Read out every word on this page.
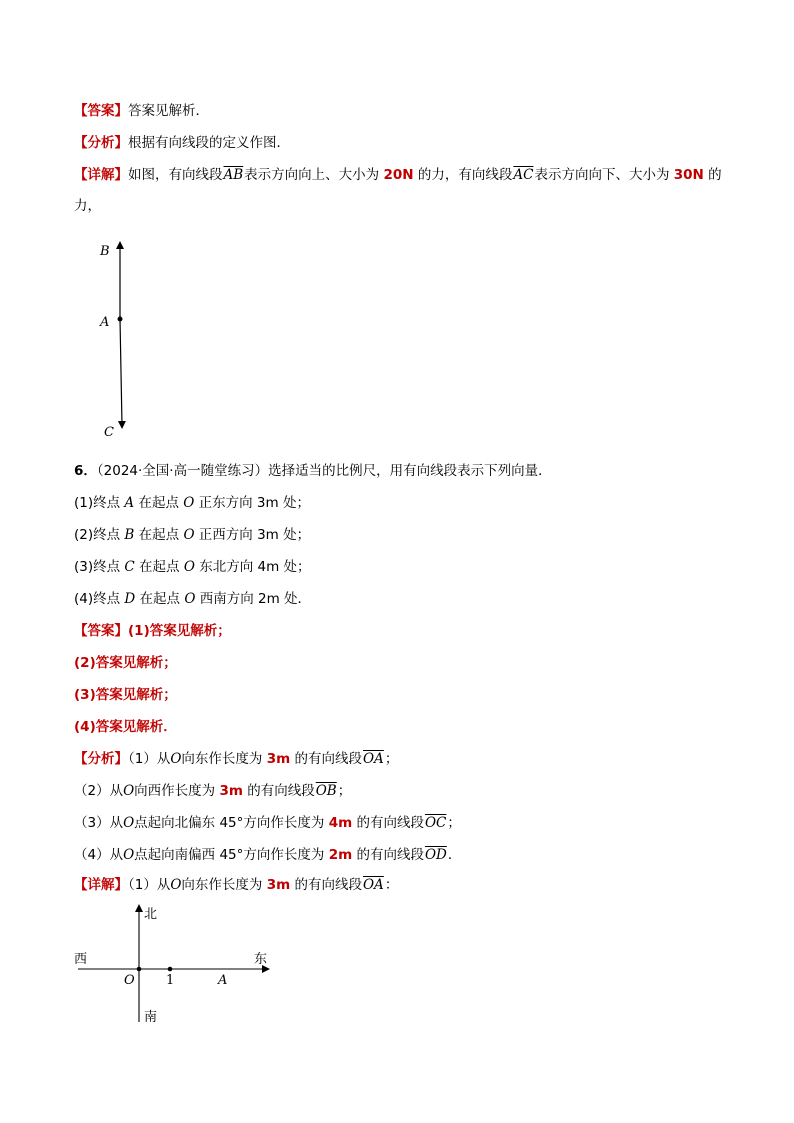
【答案】答案见解析．
【分析】根据有向线段的定义作图．
【详解】如图，有向线段$\overline{AB}$表示方向向上、大小为 20N 的力，有向线段$\overline{AC}$表示方向向下、大小为 30N 的
力，
B
A
C
6．（2024·全国·高一随堂练习）选择适当的比例尺，用有向线段表示下列向量．
(1)终点 A 在起点 O 正东方向 3m 处；
(2)终点 B 在起点 O 正西方向 3m 处；
(3)终点 C 在起点 O 东北方向 4m 处；
(4)终点 D 在起点 O 西南方向 2m 处．
【答案】(1)答案见解析；
(2)答案见解析；
(3)答案见解析；
(4)答案见解析．
【分析】（1）从O向东作长度为 3m 的有向线段$\overline{OA}$；
（2）从O向西作长度为 3m 的有向线段$\overline{OB}$；
（3）从O点起向北偏东 45°方向作长度为 4m 的有向线段$\overline{OC}$；
（4）从O点起向南偏西 45°方向作长度为 2m 的有向线段$\overline{OD}$．
【详解】（1）从O向东作长度为 3m 的有向线段$\overline{OA}$：
北
南
西	东
O 1	A
